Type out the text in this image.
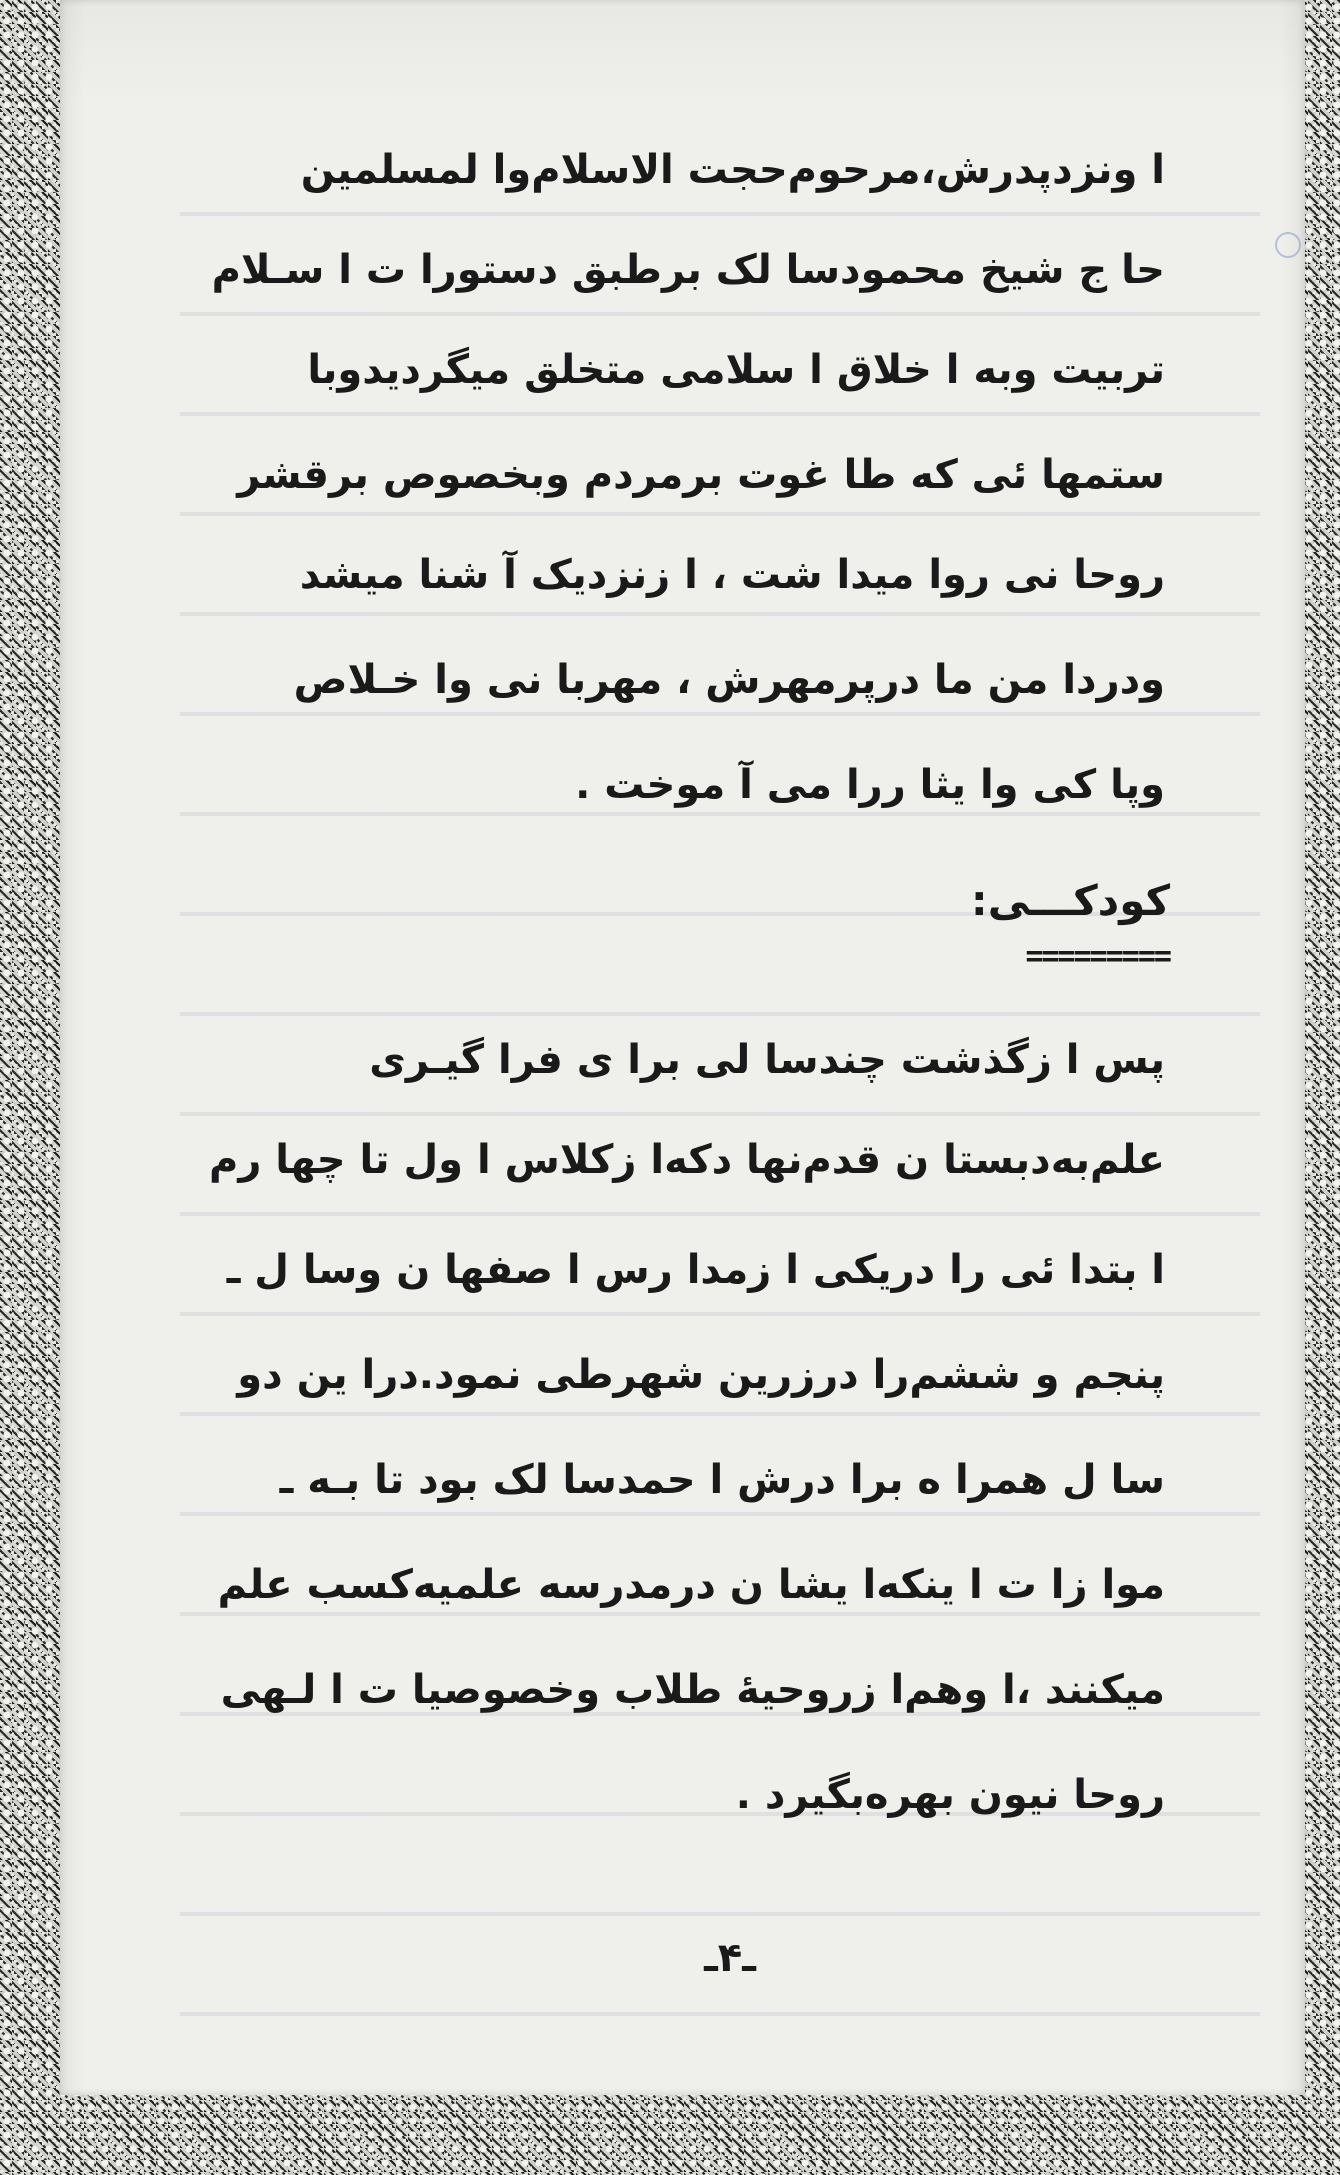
ا ونزدپدرش،مرحوم‌حجت الاسلام‌وا لمسلمین
حا ج شیخ محمودسا لک برطبق دستورا ت ا سـلام
تربیت وبه ا خلاق ا سلامی متخلق میگردیدوبا
ستمها ئی که طا غوت برمردم وبخصوص برقشر
روحا نی روا میدا شت ، ا زنزدیک آ شنا میشد
ودردا من ما درپرمهرش ، مهربا نی وا خـلاص
وپا کی وا یثا ررا می آ موخت .
کودکـــی:
=========
پس ا زگذشت چندسا لی برا ی فرا گیـری
علم‌به‌دبستا ن قدم‌نها دکه‌ا زکلاس ا ول تا چها رم
ا بتدا ئی را دریکی ا زمدا رس ا صفها ن وسا ل ـ
پنجم و ششم‌را درزرین شهرطی نمود.درا ین دو
سا ل همرا ه برا درش ا حمدسا لک بود تا بـه ـ
موا زا ت ا ینکه‌ا یشا ن درمدرسه علمیه‌کسب علم
میکنند ،ا وهم‌ا زروحیهٔ طلاب وخصوصیا ت ا لـهی
روحا نیون بهره‌بگیرد .
ـ۴ـ
